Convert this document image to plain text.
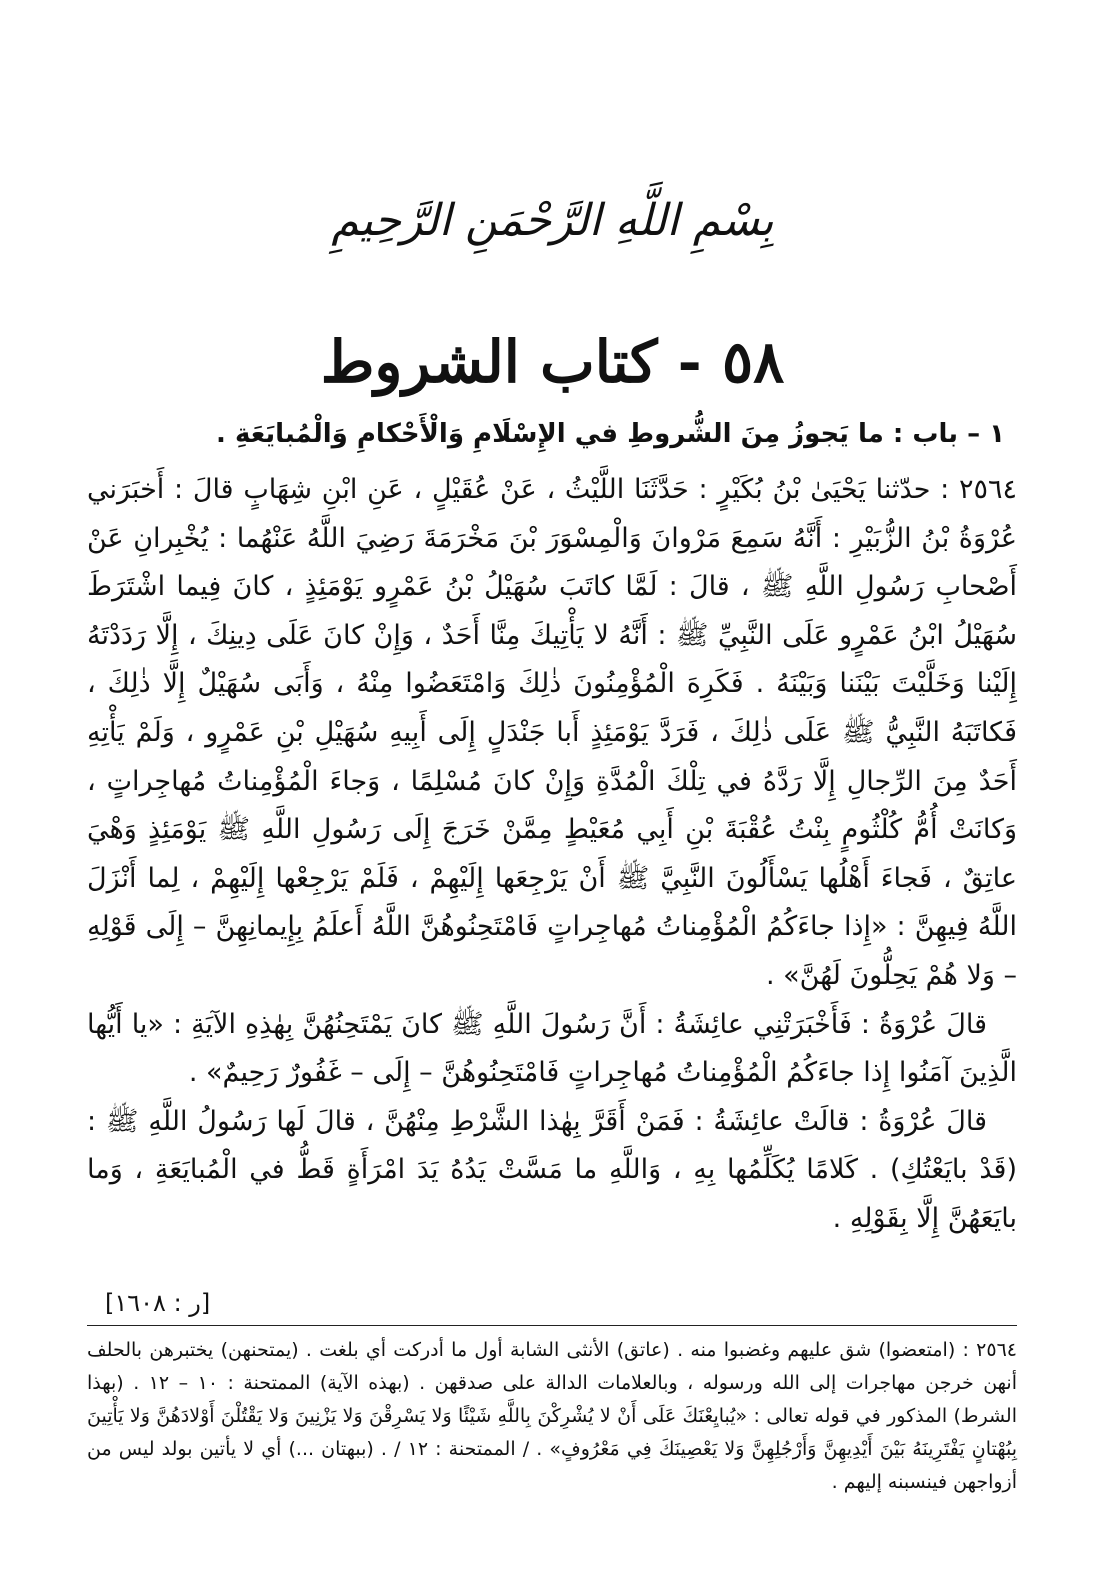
بِسْمِ اللَّهِ الرَّحْمَنِ الرَّحِيمِ
٥٨ - كتاب الشروط
١ – باب : ما يَجوزُ مِنَ الشُّروطِ في الإِسْلَامِ وَالْأَحْكامِ وَالْمُبايَعَةِ .

٢٥٦٤ : حدّثنا يَحْيَىٰ بْنُ بُكَيْرٍ : حَدَّثَنَا اللَّيْثُ ، عَنْ عُقَيْلٍ ، عَنِ ابْنِ شِهَابٍ قالَ : أَخبَرَني عُرْوَةُ بْنُ الزُّبَيْرِ : أَنَّهُ سَمِعَ مَرْوانَ وَالْمِسْوَرَ بْنَ مَخْرَمَةَ رَضِيَ اللَّهُ عَنْهُما : يُخْبِرانِ عَنْ أَصْحابِ رَسُولِ اللَّهِ ﷺ ، قالَ : لَمَّا كاتَبَ سُهَيْلُ بْنُ عَمْرٍو يَوْمَئِذٍ ، كانَ فِيما اشْتَرَطَ سُهَيْلُ ابْنُ عَمْرٍو عَلَى النَّبِيِّ ﷺ : أَنَّهُ لا يَأْتِيكَ مِنَّا أَحَدٌ ، وَإِنْ كانَ عَلَى دِينِكَ ، إِلَّا رَدَدْتَهُ إِلَيْنا وَخَلَّيْتَ بَيْنَنا وَبَيْنَهُ . فَكَرِهَ الْمُؤْمِنُونَ ذٰلِكَ وَامْتَعَضُوا مِنْهُ ، وَأَبَى سُهَيْلٌ إِلَّا ذٰلِكَ ، فَكاتَبَهُ النَّبِيُّ ﷺ عَلَى ذٰلِكَ ، فَرَدَّ يَوْمَئِذٍ أَبا جَنْدَلٍ إِلَى أَبِيهِ سُهَيْلِ بْنِ عَمْرٍو ، وَلَمْ يَأْتِهِ أَحَدٌ مِنَ الرِّجالِ إِلَّا رَدَّهُ في تِلْكَ الْمُدَّةِ وَإِنْ كانَ مُسْلِمًا ، وَجاءَ الْمُؤْمِناتُ مُهاجِراتٍ ، وَكانَتْ أُمُّ كُلْثُومٍ بِنْتُ عُقْبَةَ بْنِ أَبِي مُعَيْطٍ مِمَّنْ خَرَجَ إِلَى رَسُولِ اللَّهِ ﷺ يَوْمَئِذٍ وَهْيَ عاتِقٌ ، فَجاءَ أَهْلُها يَسْأَلُونَ النَّبِيَّ ﷺ أَنْ يَرْجِعَها إِلَيْهِمْ ، فَلَمْ يَرْجِعْها إِلَيْهِمْ ، لِما أَنْزَلَ اللَّهُ فِيهِنَّ : «إِذا جاءَكُمُ الْمُؤْمِناتُ مُهاجِراتٍ فَامْتَحِنُوهُنَّ اللَّهُ أَعلَمُ بِإِيمانِهِنَّ – إِلَى قَوْلِهِ – وَلا هُمْ يَحِلُّونَ لَهُنَّ» .

قالَ عُرْوَةُ : فَأَخْبَرَتْنِي عائِشَةُ : أَنَّ رَسُولَ اللَّهِ ﷺ كانَ يَمْتَحِنُهُنَّ بِهٰذِهِ الآيَةِ : «يا أَيُّها الَّذِينَ آمَنُوا إِذا جاءَكُمُ الْمُؤْمِناتُ مُهاجِراتٍ فَامْتَحِنُوهُنَّ – إِلَى – غَفُورٌ رَحِيمٌ» .

قالَ عُرْوَةُ : قالَتْ عائِشَةُ : فَمَنْ أَقَرَّ بِهٰذا الشَّرْطِ مِنْهُنَّ ، قالَ لَها رَسُولُ اللَّهِ ﷺ : (قَدْ بايَعْتُكِ) . كَلامًا يُكَلِّمُها بِهِ ، وَاللَّهِ ما مَسَّتْ يَدُهُ يَدَ امْرَأَةٍ قَطُّ في الْمُبايَعَةِ ، وَما بايَعَهُنَّ إِلَّا بِقَوْلِهِ .

[ر : ١٦٠٨]
٢٥٦٤ : (امتعضوا) شق عليهم وغضبوا منه . (عاتق) الأنثى الشابة أول ما أدركت أي بلغت . (يمتحنهن) يختبرهن بالحلف أنهن خرجن مهاجرات إلى الله ورسوله ، وبالعلامات الدالة على صدقهن . (بهذه الآية) الممتحنة : ١٠ – ١٢ . (بهذا الشرط) المذكور في قوله تعالى : «يُبايِعْنَكَ عَلَى أَنْ لا يُشْرِكْنَ بِاللَّهِ شَيْئًا وَلا يَسْرِقْنَ وَلا يَزْنِينَ وَلا يَقْتُلْنَ أَوْلادَهُنَّ وَلا يَأْتِينَ بِبُهْتانٍ يَفْتَرِينَهُ بَيْنَ أَيْدِيهِنَّ وَأَرْجُلِهِنَّ وَلا يَعْصِينَكَ فِي مَعْرُوفٍ» . / الممتحنة : ١٢ / . (ببهتان ...) أي لا يأتين بولد ليس من أزواجهن فينسبنه إليهم .
